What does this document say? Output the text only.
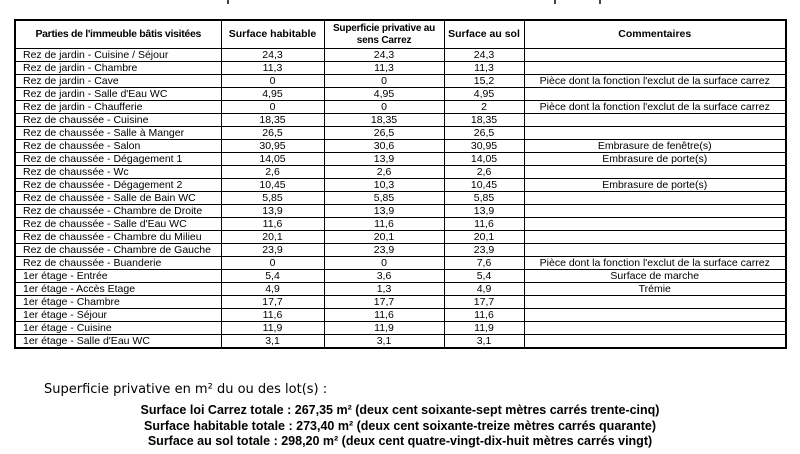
Parties de l'immeuble bâtis visitées	Surface habitable	Superficie privative au sens Carrez	Surface au sol	Commentaires
Rez de jardin - Cuisine / Séjour	24,3	24,3	24,3	
Rez de jardin - Chambre	11,3	11,3	11,3	
Rez de jardin - Cave	0	0	15,2	Pièce dont la fonction l'exclut de la surface carrez
Rez de jardin - Salle d'Eau WC	4,95	4,95	4,95	
Rez de jardin - Chaufferie	0	0	2	Pièce dont la fonction l'exclut de la surface carrez
Rez de chaussée - Cuisine	18,35	18,35	18,35	
Rez de chaussée - Salle à Manger	26,5	26,5	26,5	
Rez de chaussée - Salon	30,95	30,6	30,95	Embrasure de fenêtre(s)
Rez de chaussée - Dégagement 1	14,05	13,9	14,05	Embrasure de porte(s)
Rez de chaussée - Wc	2,6	2,6	2,6	
Rez de chaussée - Dégagement 2	10,45	10,3	10,45	Embrasure de porte(s)
Rez de chaussée - Salle de Bain WC	5,85	5,85	5,85	
Rez de chaussée - Chambre de Droite	13,9	13,9	13,9	
Rez de chaussée - Salle d'Eau WC	11,6	11,6	11,6	
Rez de chaussée - Chambre du Milieu	20,1	20,1	20,1	
Rez de chaussée - Chambre de Gauche	23,9	23,9	23,9	
Rez de chaussée - Buanderie	0	0	7,6	Pièce dont la fonction l'exclut de la surface carrez
1er étage - Entrée	5,4	3,6	5,4	Surface de marche
1er étage - Accès Etage	4,9	1,3	4,9	Trémie
1er étage - Chambre	17,7	17,7	17,7	
1er étage - Séjour	11,6	11,6	11,6	
1er étage - Cuisine	11,9	11,9	11,9	
1er étage - Salle d'Eau WC	3,1	3,1	3,1	
Superficie privative en m² du ou des lot(s) :
Surface loi Carrez totale : 267,35 m² (deux cent soixante-sept mètres carrés trente-cinq)
Surface habitable totale : 273,40 m² (deux cent soixante-treize mètres carrés quarante)
Surface au sol totale : 298,20 m² (deux cent quatre-vingt-dix-huit mètres carrés vingt)
